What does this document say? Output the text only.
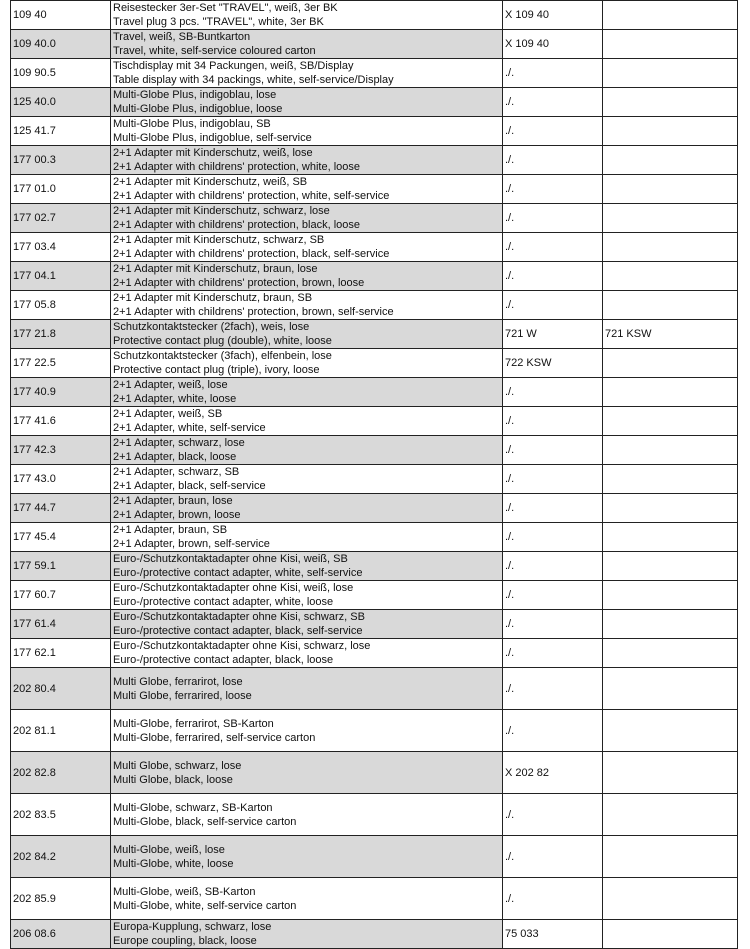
109 40	Reisestecker 3er-Set "TRAVEL", weiß, 3er BK
Travel plug 3 pcs. "TRAVEL", white, 3er BK	X 109 40	
109 40.0	Travel, weiß, SB-Buntkarton
Travel, white, self-service coloured carton	X 109 40	
109 90.5	Tischdisplay mit 34 Packungen, weiß, SB/Display
Table display with 34 packings, white, self-service/Display	./.	
125 40.0	Multi-Globe Plus, indigoblau, lose
Multi-Globe Plus, indigoblue, loose	./.	
125 41.7	Multi-Globe Plus, indigoblau, SB
Multi-Globe Plus, indigoblue, self-service	./.	
177 00.3	2+1 Adapter mit Kinderschutz, weiß, lose
2+1 Adapter with childrens' protection, white, loose	./.	
177 01.0	2+1 Adapter mit Kinderschutz, weiß, SB
2+1 Adapter with childrens' protection, white, self-service	./.	
177 02.7	2+1 Adapter mit Kinderschutz, schwarz, lose
2+1 Adapter with childrens' protection, black, loose	./.	
177 03.4	2+1 Adapter mit Kinderschutz, schwarz, SB
2+1 Adapter with childrens' protection, black, self-service	./.	
177 04.1	2+1 Adapter mit Kinderschutz, braun, lose
2+1 Adapter with childrens' protection, brown, loose	./.	
177 05.8	2+1 Adapter mit Kinderschutz, braun, SB
2+1 Adapter with childrens' protection, brown, self-service	./.	
177 21.8	Schutzkontaktstecker (2fach), weis, lose
Protective contact plug (double), white, loose	721 W	721 KSW
177 22.5	Schutzkontaktstecker (3fach), elfenbein, lose
Protective contact plug (triple), ivory, loose	722 KSW	
177 40.9	2+1 Adapter, weiß, lose
2+1 Adapter, white, loose	./.	
177 41.6	2+1 Adapter, weiß, SB
2+1 Adapter, white, self-service	./.	
177 42.3	2+1 Adapter, schwarz, lose
2+1 Adapter, black, loose	./.	
177 43.0	2+1 Adapter, schwarz, SB
2+1 Adapter, black, self-service	./.	
177 44.7	2+1 Adapter, braun, lose
2+1 Adapter, brown, loose	./.	
177 45.4	2+1 Adapter, braun, SB
2+1 Adapter, brown, self-service	./.	
177 59.1	Euro-/Schutzkontaktadapter ohne Kisi, weiß, SB
Euro-/protective contact adapter, white, self-service	./.	
177 60.7	Euro-/Schutzkontaktadapter ohne Kisi, weiß, lose
Euro-/protective contact adapter, white, loose	./.	
177 61.4	Euro-/Schutzkontaktadapter ohne Kisi, schwarz, SB
Euro-/protective contact adapter, black, self-service	./.	
177 62.1	Euro-/Schutzkontaktadapter ohne Kisi, schwarz, lose
Euro-/protective contact adapter, black, loose	./.	
202 80.4	Multi Globe, ferrarirot, lose
Multi Globe, ferrarired, loose	./.	
202 81.1	Multi-Globe, ferrarirot, SB-Karton
Multi-Globe, ferrarired, self-service carton	./.	
202 82.8	Multi Globe, schwarz, lose
Multi Globe, black, loose	X 202 82	
202 83.5	Multi-Globe, schwarz, SB-Karton
Multi-Globe, black, self-service carton	./.	
202 84.2	Multi-Globe, weiß, lose
Multi-Globe, white, loose	./.	
202 85.9	Multi-Globe, weiß, SB-Karton
Multi-Globe, white, self-service carton	./.	
206 08.6	Europa-Kupplung, schwarz, lose
Europe coupling, black, loose	75 033	
